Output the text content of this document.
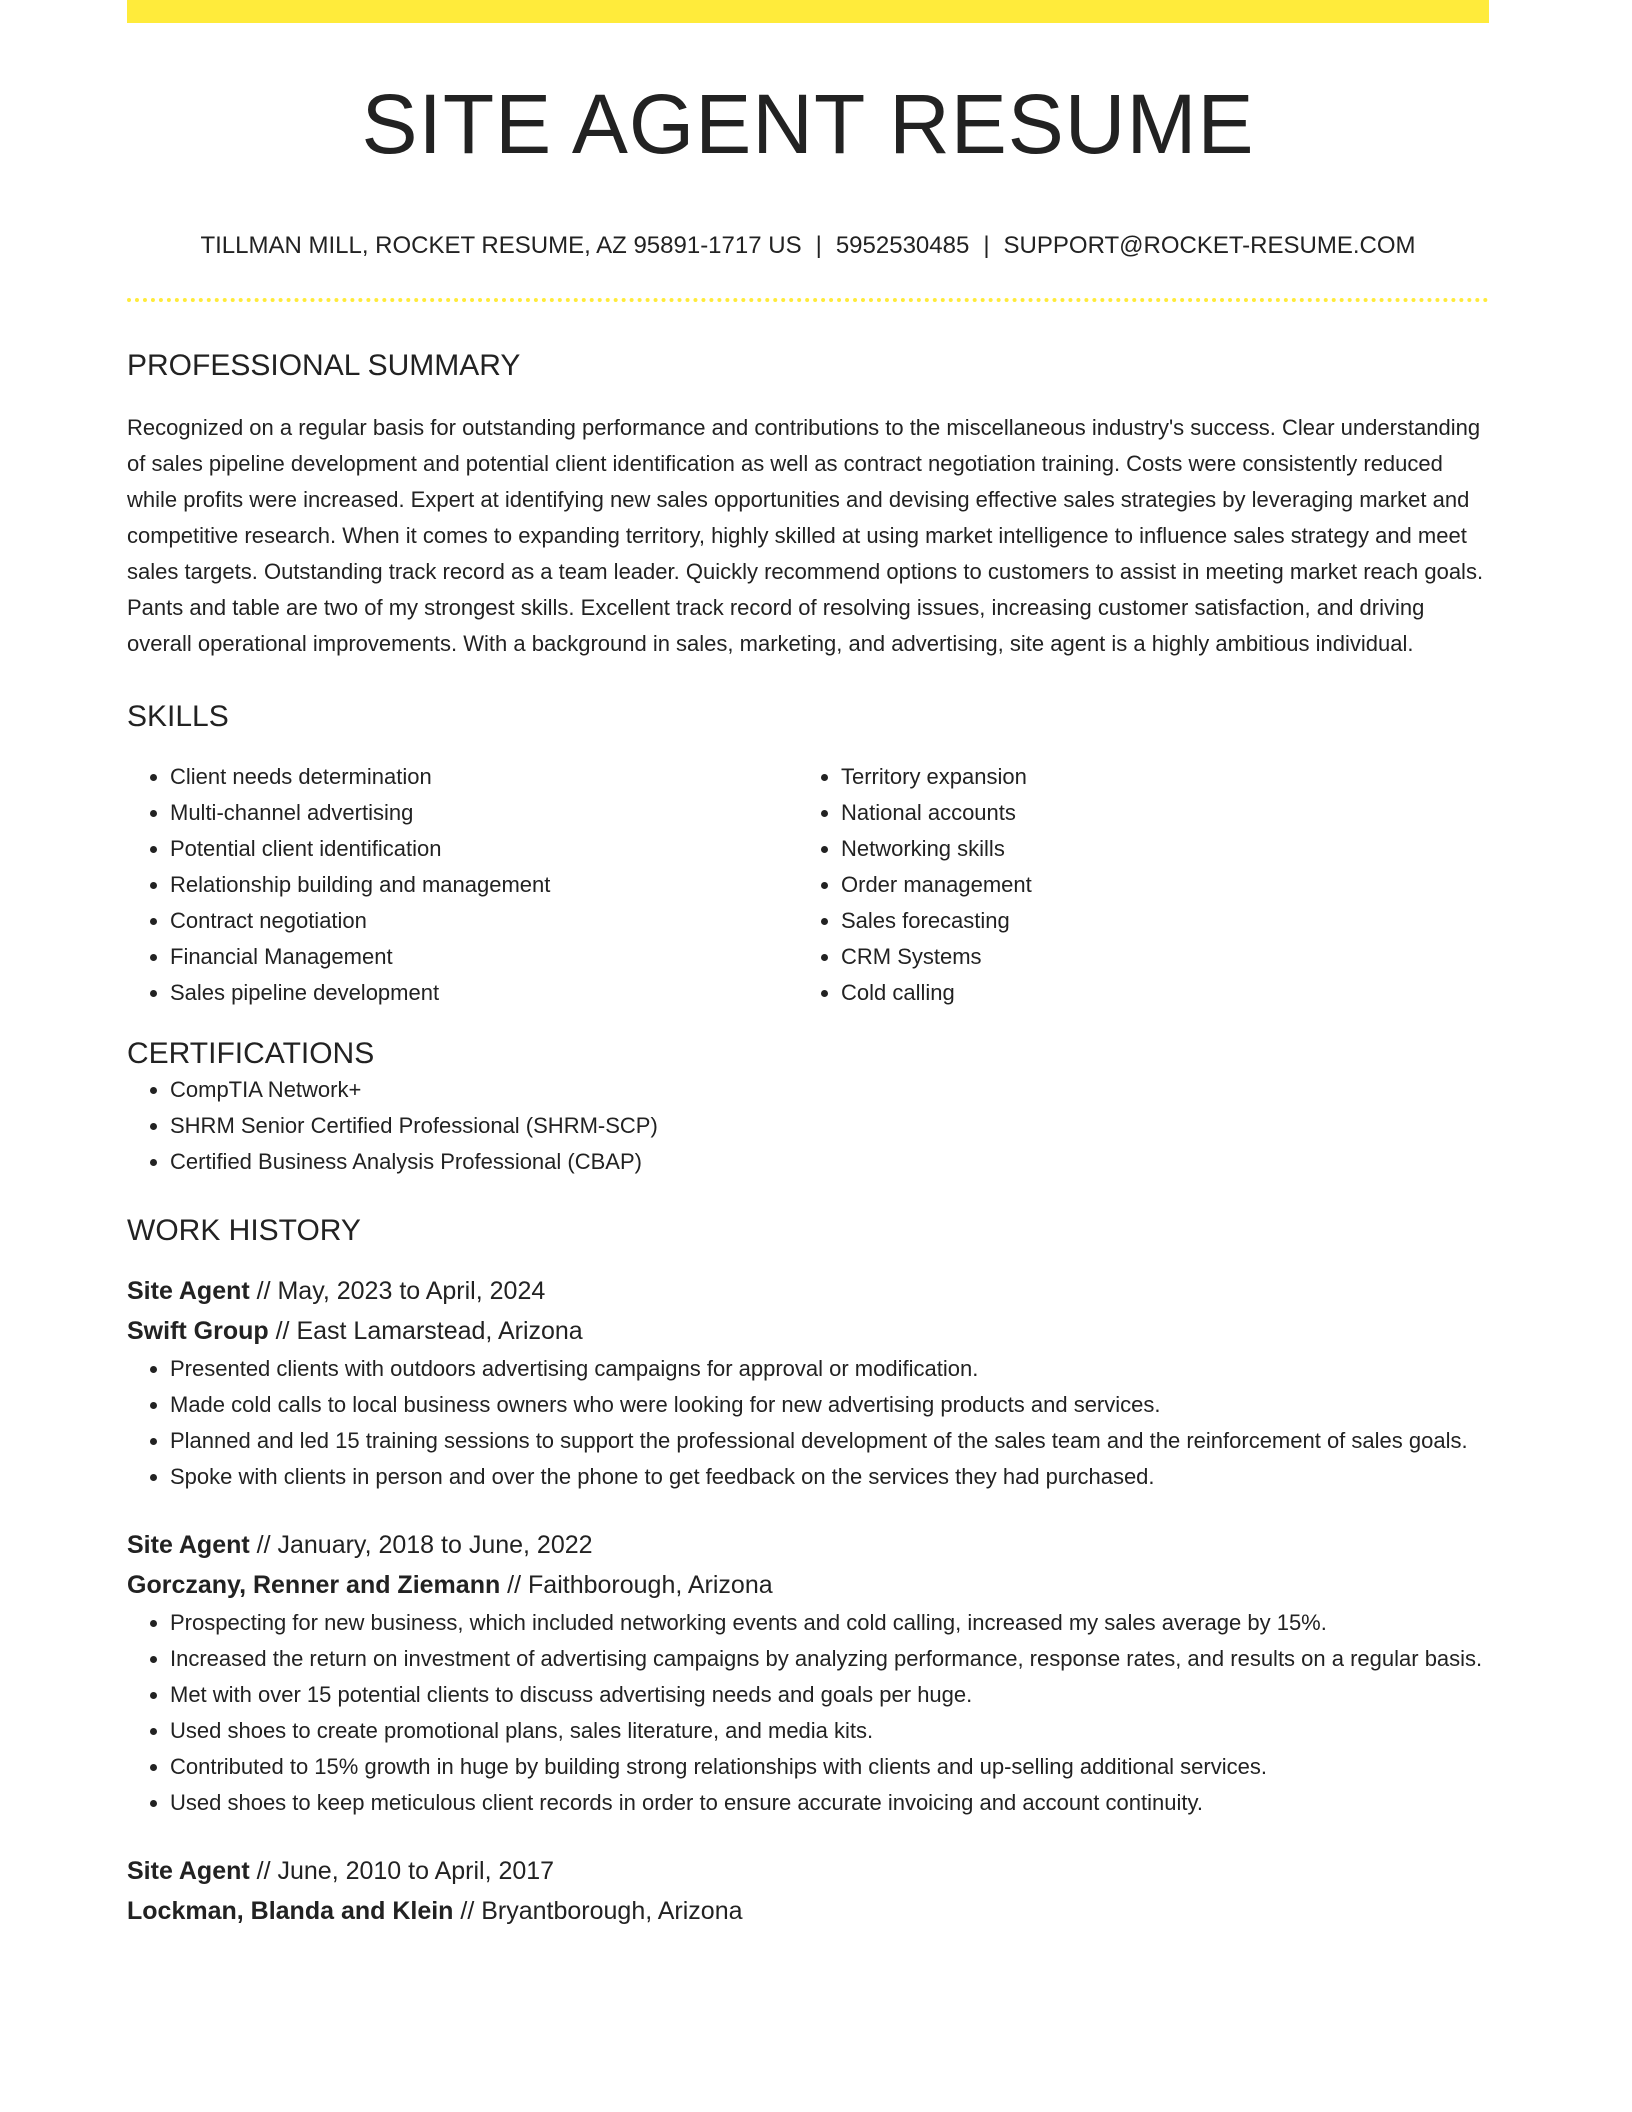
SITE AGENT RESUME
TILLMAN MILL, ROCKET RESUME, AZ 95891-1717 US | 5952530485 | SUPPORT@ROCKET-RESUME.COM
PROFESSIONAL SUMMARY

Recognized on a regular basis for outstanding performance and contributions to the miscellaneous industry's success. Clear understanding of sales pipeline development and potential client identification as well as contract negotiation training. Costs were consistently reduced while profits were increased. Expert at identifying new sales opportunities and devising effective sales strategies by leveraging market and competitive research. When it comes to expanding territory, highly skilled at using market intelligence to influence sales strategy and meet sales targets. Outstanding track record as a team leader. Quickly recommend options to customers to assist in meeting market reach goals. Pants and table are two of my strongest skills. Excellent track record of resolving issues, increasing customer satisfaction, and driving overall operational improvements. With a background in sales, marketing, and advertising, site agent is a highly ambitious individual.

SKILLS
• Client needs determination
• Multi-channel advertising
• Potential client identification
• Relationship building and management
• Contract negotiation
• Financial Management
• Sales pipeline development
• Territory expansion
• National accounts
• Networking skills
• Order management
• Sales forecasting
• CRM Systems
• Cold calling
CERTIFICATIONS
• CompTIA Network+
• SHRM Senior Certified Professional (SHRM-SCP)
• Certified Business Analysis Professional (CBAP)
WORK HISTORY
Site Agent // May, 2023 to April, 2024
Swift Group // East Lamarstead, Arizona
• Presented clients with outdoors advertising campaigns for approval or modification.
• Made cold calls to local business owners who were looking for new advertising products and services.
• Planned and led 15 training sessions to support the professional development of the sales team and the reinforcement of sales goals.
• Spoke with clients in person and over the phone to get feedback on the services they had purchased.
Site Agent // January, 2018 to June, 2022
Gorczany, Renner and Ziemann // Faithborough, Arizona
• Prospecting for new business, which included networking events and cold calling, increased my sales average by 15%.
• Increased the return on investment of advertising campaigns by analyzing performance, response rates, and results on a regular basis.
• Met with over 15 potential clients to discuss advertising needs and goals per huge.
• Used shoes to create promotional plans, sales literature, and media kits.
• Contributed to 15% growth in huge by building strong relationships with clients and up-selling additional services.
• Used shoes to keep meticulous client records in order to ensure accurate invoicing and account continuity.
Site Agent // June, 2010 to April, 2017
Lockman, Blanda and Klein // Bryantborough, Arizona
